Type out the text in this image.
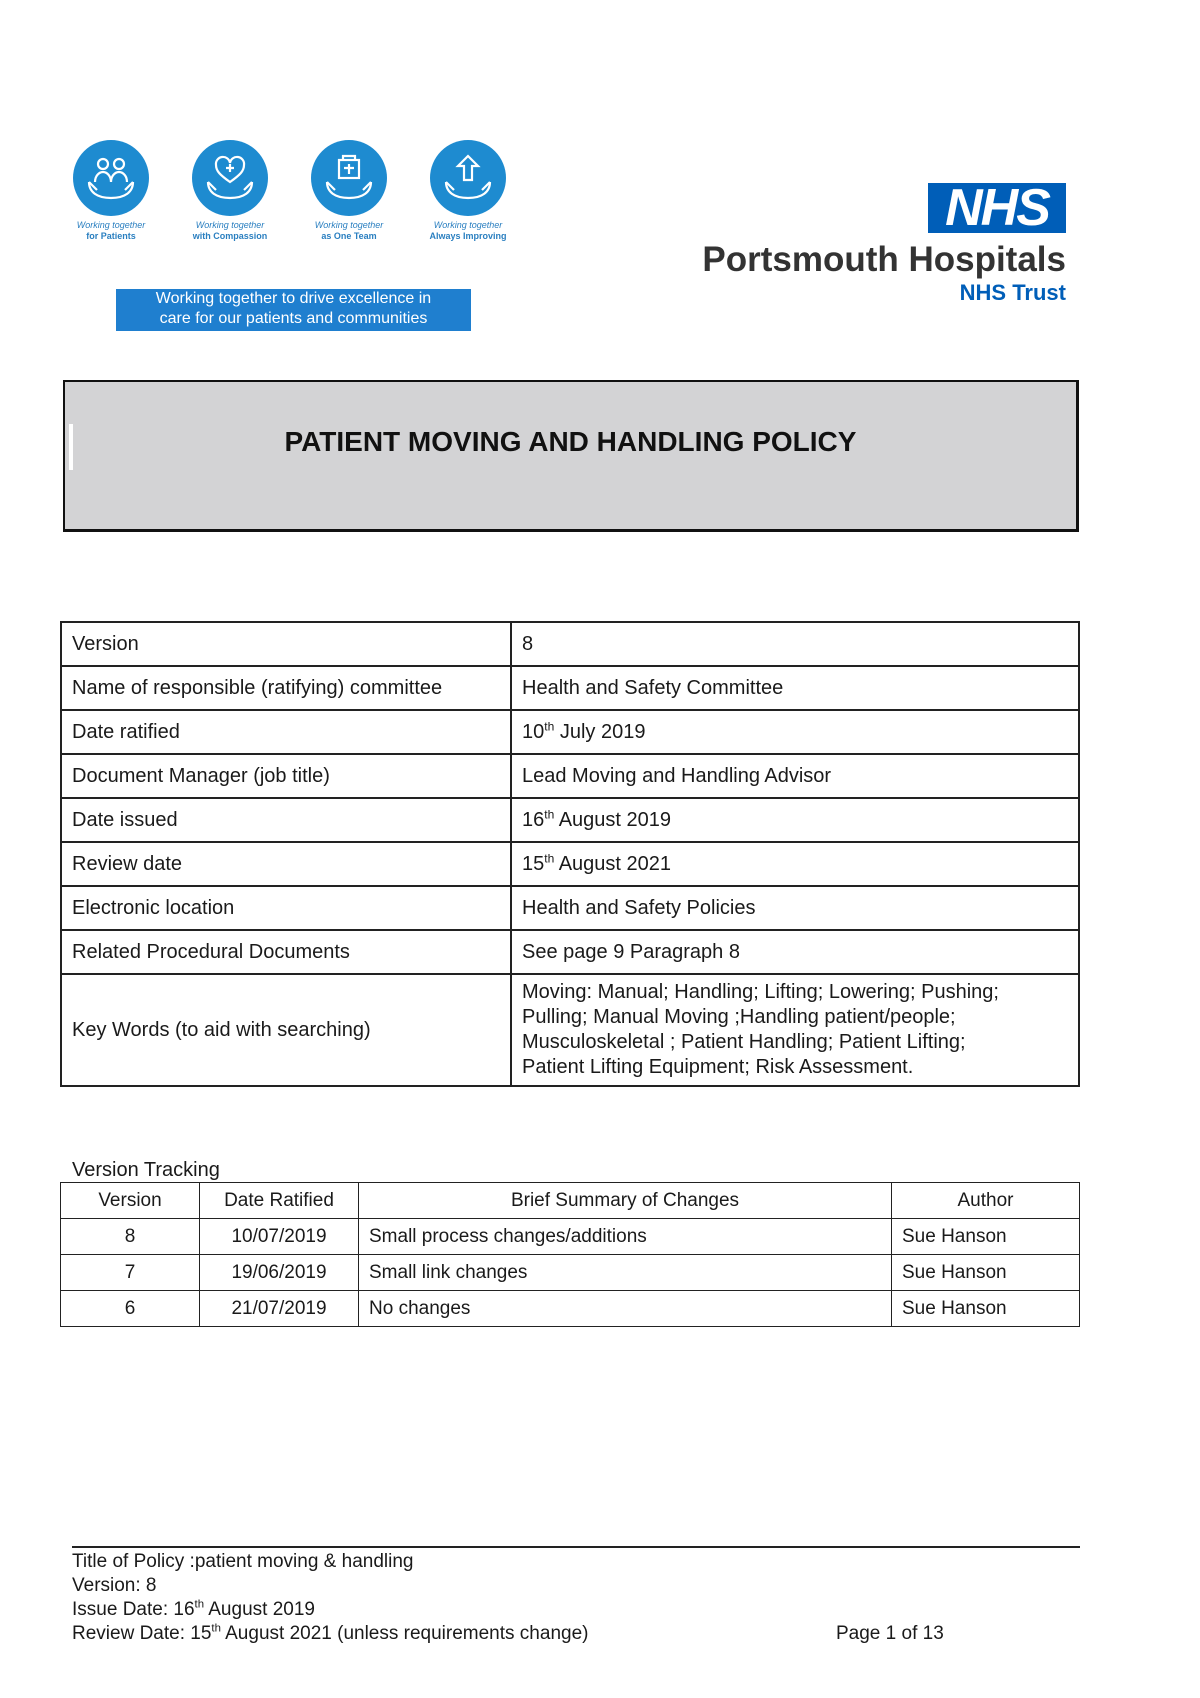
Working together
for Patients
Working together
with Compassion
Working together
as One Team
Working together
Always Improving
Working together to drive excellence in
care for our patients and communities
NHS
Portsmouth Hospitals
NHS Trust
PATIENT MOVING AND HANDLING POLICY
Version	8
Name of responsible (ratifying) committee	Health and Safety Committee
Date ratified	10th July 2019
Document Manager (job title)	Lead Moving and Handling Advisor
Date issued	16th August 2019
Review date	15th August 2021
Electronic location	Health and Safety Policies
Related Procedural Documents	See page 9 Paragraph 8
Key Words (to aid with searching)	Moving: Manual; Handling; Lifting; Lowering; Pushing;
Pulling; Manual Moving ;Handling patient/people;
Musculoskeletal ; Patient Handling; Patient Lifting;
Patient Lifting Equipment; Risk Assessment.
Version Tracking
Version	Date Ratified	Brief Summary of Changes	Author
8	10/07/2019	Small process changes/additions	Sue Hanson
7	19/06/2019	Small link changes	Sue Hanson
6	21/07/2019	No changes	Sue Hanson
Title of Policy :patient moving & handling
Version: 8
Issue Date: 16th August 2019
Review Date: 15th August 2021 (unless requirements change)	Page 1 of 13
